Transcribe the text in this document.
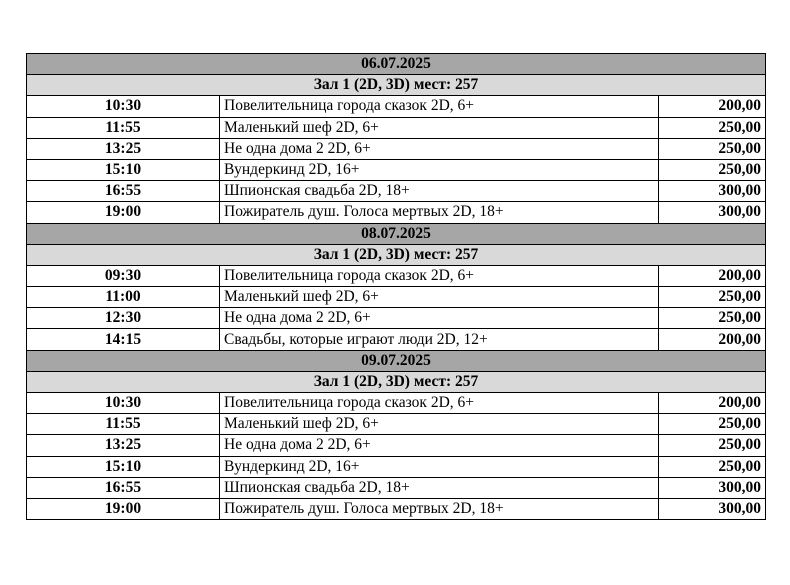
06.07.2025		
Зал 1 (2D, 3D) мест: 257		
10:30	Повелительница города сказок 2D, 6+	200,00
11:55	Маленький шеф 2D, 6+	250,00
13:25	Не одна дома 2 2D, 6+	250,00
15:10	Вундеркинд 2D, 16+	250,00
16:55	Шпионская свадьба 2D, 18+	300,00
19:00	Пожиратель душ. Голоса мертвых 2D, 18+	300,00
08.07.2025		
Зал 1 (2D, 3D) мест: 257		
09:30	Повелительница города сказок 2D, 6+	200,00
11:00	Маленький шеф 2D, 6+	250,00
12:30	Не одна дома 2 2D, 6+	250,00
14:15	Свадьбы, которые играют люди 2D, 12+	200,00
09.07.2025		
Зал 1 (2D, 3D) мест: 257		
10:30	Повелительница города сказок 2D, 6+	200,00
11:55	Маленький шеф 2D, 6+	250,00
13:25	Не одна дома 2 2D, 6+	250,00
15:10	Вундеркинд 2D, 16+	250,00
16:55	Шпионская свадьба 2D, 18+	300,00
19:00	Пожиратель душ. Голоса мертвых 2D, 18+	300,00
